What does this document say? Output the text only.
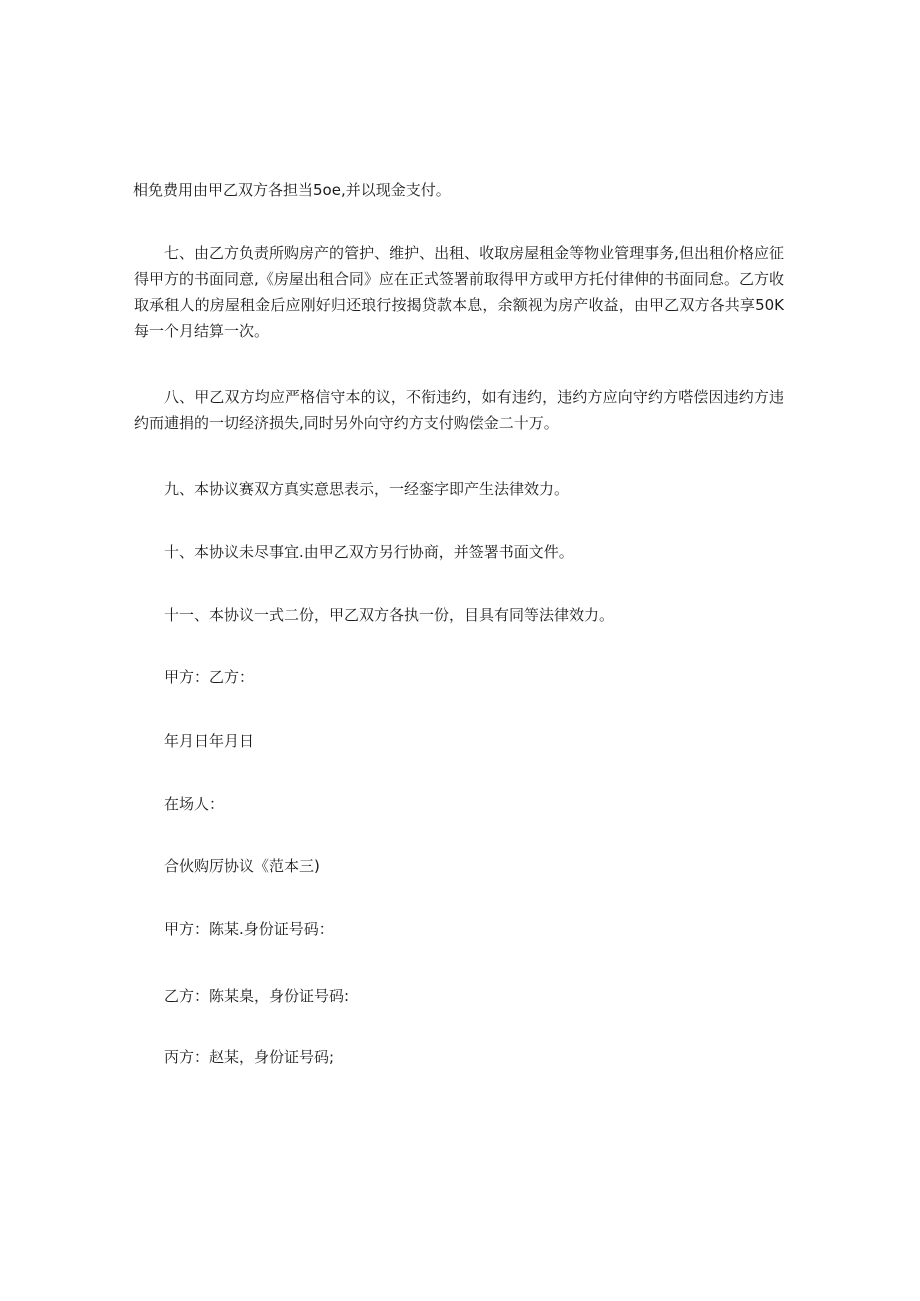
相免费用由甲乙双方各担当5oe,并以现金支付。

七、由乙方负责所购房产的管护、维护、出租、收取房屋租金等物业管理事务,但出租价格应征得甲方的书面同意,《房屋出租合同》应在正式签署前取得甲方或甲方托付律伸的书面同怠。乙方收取承租人的房屋租金后应刚好归还琅行按揭贷款本息，余额视为房产收益，由甲乙双方各共享50K每一个月结算一次。

八、甲乙双方均应严格信守本的议，不衔违约，如有违约，违约方应向守约方嗒偿因违约方违约而逋捐的一切经济损失,同时另外向守约方支付购偿金二十万。

九、本协议赛双方真实意思表示，一经銮字即产生法律效力。

十、本协议未尽事宜.由甲乙双方另行协商，并签署书面文件。

十一、本协议一式二份，甲乙双方各执一份，目具有同等法律效力。

甲方：乙方：

年月日年月日

在场人：

合伙购厉协议《范本三)

甲方：陈某.身份证号码：

乙方：陈某臬，身份证号码:

丙方：赵某，身份证号码;
